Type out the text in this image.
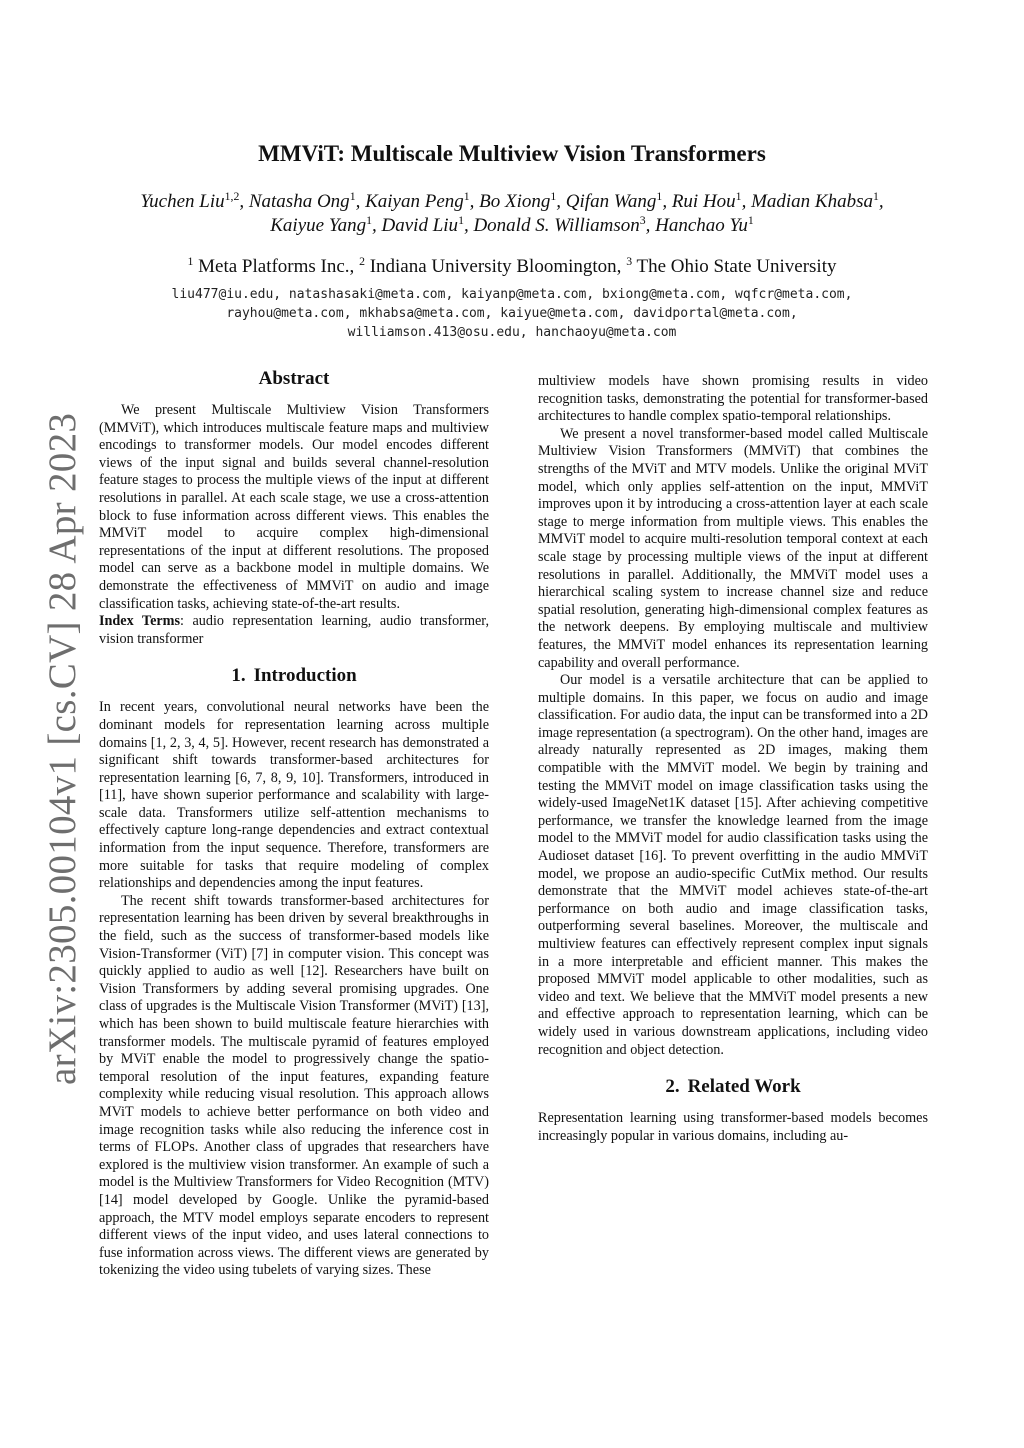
arXiv:2305.00104v1 [cs.CV] 28 Apr 2023
MMViT: Multiscale Multiview Vision Transformers
Yuchen Liu$^{1,2}$, Natasha Ong$^1$, Kaiyan Peng$^1$, Bo Xiong$^1$, Qifan Wang$^1$, Rui Hou$^1$, Madian Khabsa$^1$,
Kaiyue Yang$^1$, David Liu$^1$, Donald S. Williamson$^3$, Hanchao Yu$^1$
$^1$ Meta Platforms Inc., $^2$ Indiana University Bloomington, $^3$ The Ohio State University
liu477@iu.edu, natashasaki@meta.com, kaiyanp@meta.com, bxiong@meta.com, wqfcr@meta.com,
rayhou@meta.com, mkhabsa@meta.com, kaiyue@meta.com, davidportal@meta.com,
williamson.413@osu.edu, hanchaoyu@meta.com
Abstract

We present Multiscale Multiview Vision Transformers (MMViT), which introduces multiscale feature maps and multiview encodings to transformer models. Our model encodes different views of the input signal and builds several channel-resolution feature stages to process the multiple views of the input at different resolutions in parallel. At each scale stage, we use a cross-attention block to fuse information across different views. This enables the MMViT model to acquire complex high-dimensional representations of the input at different resolutions. The proposed model can serve as a backbone model in multiple domains. We demonstrate the effectiveness of MMViT on audio and image classification tasks, achieving state-of-the-art results.

Index Terms: audio representation learning, audio transformer, vision transformer

1. Introduction

In recent years, convolutional neural networks have been the dominant models for representation learning across multiple domains [1, 2, 3, 4, 5]. However, recent research has demonstrated a significant shift towards transformer-based architectures for representation learning [6, 7, 8, 9, 10]. Transformers, introduced in [11], have shown superior performance and scalability with large-scale data. Transformers utilize self-attention mechanisms to effectively capture long-range dependencies and extract contextual information from the input sequence. Therefore, transformers are more suitable for tasks that require modeling of complex relationships and dependencies among the input features.

The recent shift towards transformer-based architectures for representation learning has been driven by several breakthroughs in the field, such as the success of transformer-based models like Vision-Transformer (ViT) [7] in computer vision. This concept was quickly applied to audio as well [12]. Researchers have built on Vision Transformers by adding several promising upgrades. One class of upgrades is the Multiscale Vision Transformer (MViT) [13], which has been shown to build multiscale feature hierarchies with transformer models. The multiscale pyramid of features employed by MViT enable the model to progressively change the spatio-temporal resolution of the input features, expanding feature complexity while reducing visual resolution. This approach allows MViT models to achieve better performance on both video and image recognition tasks while also reducing the inference cost in terms of FLOPs. Another class of upgrades that researchers have explored is the multiview vision transformer. An example of such a model is the Multiview Transformers for Video Recognition (MTV) [14] model developed by Google. Unlike the pyramid-based approach, the MTV model employs separate encoders to represent different views of the input video, and uses lateral connections to fuse information across views. The different views are generated by tokenizing the video using tubelets of varying sizes. These

multiview models have shown promising results in video recognition tasks, demonstrating the potential for transformer-based architectures to handle complex spatio-temporal relationships.

We present a novel transformer-based model called Multiscale Multiview Vision Transformers (MMViT) that combines the strengths of the MViT and MTV models. Unlike the original MViT model, which only applies self-attention on the input, MMViT improves upon it by introducing a cross-attention layer at each scale stage to merge information from multiple views. This enables the MMViT model to acquire multi-resolution temporal context at each scale stage by processing multiple views of the input at different resolutions in parallel. Additionally, the MMViT model uses a hierarchical scaling system to increase channel size and reduce spatial resolution, generating high-dimensional complex features as the network deepens. By employing multiscale and multiview features, the MMViT model enhances its representation learning capability and overall performance.

Our model is a versatile architecture that can be applied to multiple domains. In this paper, we focus on audio and image classification. For audio data, the input can be transformed into a 2D image representation (a spectrogram). On the other hand, images are already naturally represented as 2D images, making them compatible with the MMViT model. We begin by training and testing the MMViT model on image classification tasks using the widely-used ImageNet1K dataset [15]. After achieving competitive performance, we transfer the knowledge learned from the image model to the MMViT model for audio classification tasks using the Audioset dataset [16]. To prevent overfitting in the audio MMViT model, we propose an audio-specific CutMix method. Our results demonstrate that the MMViT model achieves state-of-the-art performance on both audio and image classification tasks, outperforming several baselines. Moreover, the multiscale and multiview features can effectively represent complex input signals in a more interpretable and efficient manner. This makes the proposed MMViT model applicable to other modalities, such as video and text. We believe that the MMViT model presents a new and effective approach to representation learning, which can be widely used in various downstream applications, including video recognition and object detection.

2. Related Work

Representation learning using transformer-based models becomes increasingly popular in various domains, including au-
